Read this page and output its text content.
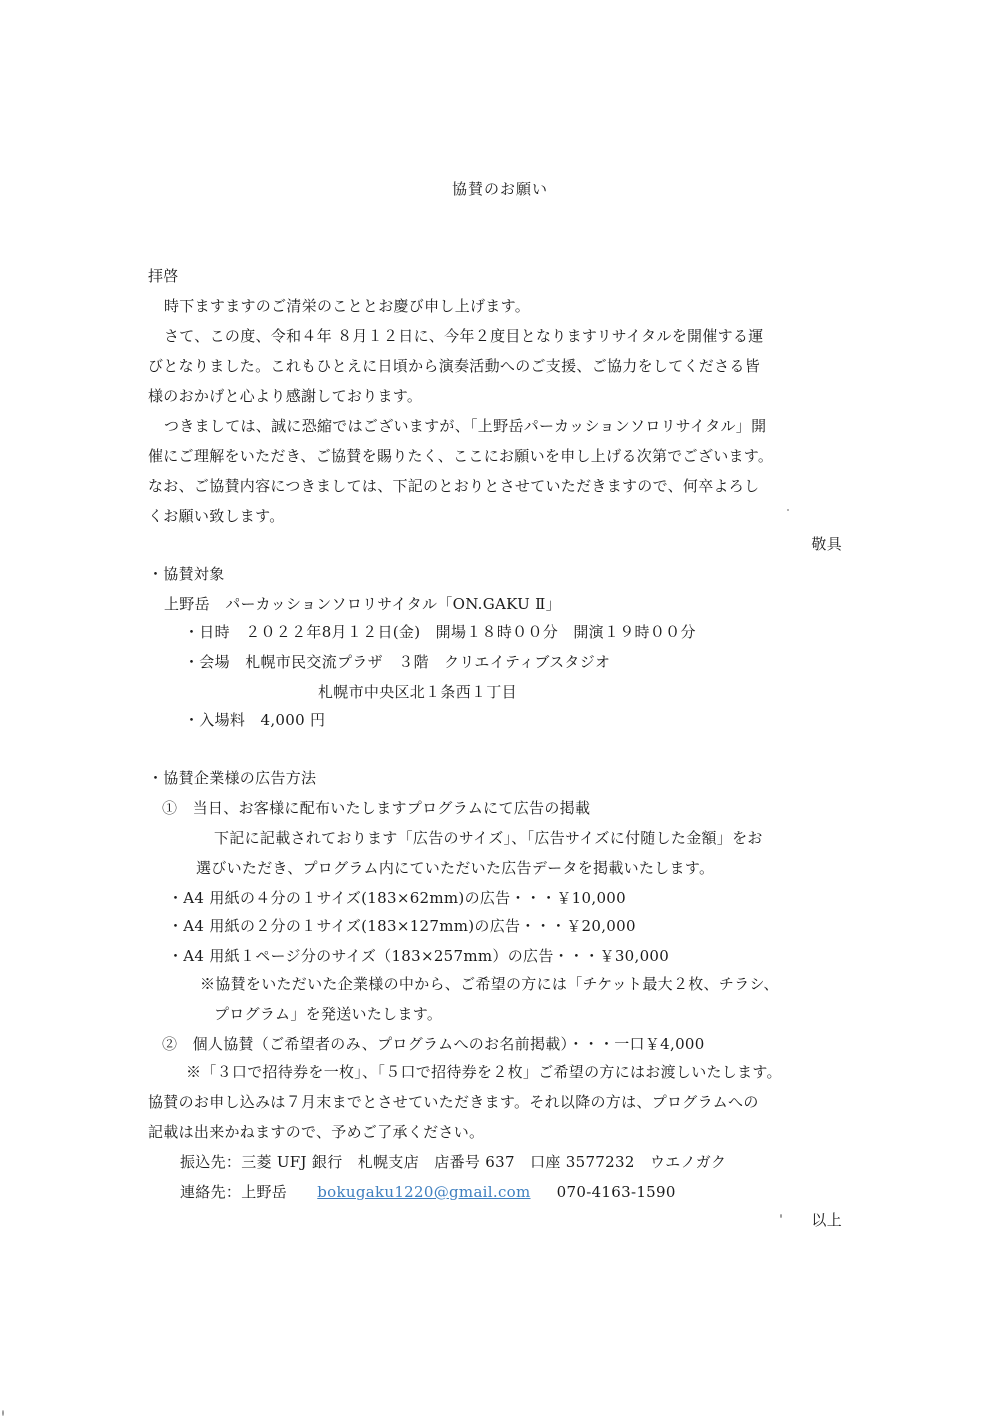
協賛のお願い
拝啓
時下ますますのご清栄のこととお慶び申し上げます。
さて、この度、令和４年 ８月１２日に、今年２度目となりますリサイタルを開催する運
びとなりました。これもひとえに日頃から演奏活動へのご支援、ご協力をしてくださる皆
様のおかげと心より感謝しております。
つきましては、誠に恐縮ではございますが、「上野岳パーカッションソロリサイタル」開
催にご理解をいただき、ご協賛を賜りたく、ここにお願いを申し上げる次第でございます。
なお、ご協賛内容につきましては、下記のとおりとさせていただきますので、何卒よろし
くお願い致します。
敬具
・協賛対象
上野岳　パーカッションソロリサイタル「ON.GAKU Ⅱ」
・日時　２０２２年8月１２日(金)　開場１８時００分　開演１９時００分
・会場　札幌市民交流プラザ　３階　クリエイティブスタジオ
札幌市中央区北１条西１丁目
・入場料　4,000 円
・協賛企業様の広告方法
①　当日、お客様に配布いたしますプログラムにて広告の掲載
下記に記載されております「広告のサイズ」、「広告サイズに付随した金額」をお
選びいただき、プログラム内にていただいた広告データを掲載いたします。
・A4 用紙の４分の１サイズ(183×62mm)の広告・・・￥10,000
・A4 用紙の２分の１サイズ(183×127mm)の広告・・・￥20,000
・A4 用紙１ページ分のサイズ（183×257mm）の広告・・・￥30,000
※協賛をいただいた企業様の中から、ご希望の方には「チケット最大２枚、チラシ、
プログラム」を発送いたします。
②　個人協賛（ご希望者のみ、プログラムへのお名前掲載）・・・一口￥4,000
※「３口で招待券を一枚」、「５口で招待券を２枚」ご希望の方にはお渡しいたします。
協賛のお申し込みは７月末までとさせていただきます。それ以降の方は、プログラムへの
記載は出来かねますので、予めご了承ください。
振込先：三菱 UFJ 銀行　札幌支店　店番号 637　口座 3577232　ウエノガク
連絡先：上野岳 bokugaku1220@gmail.com 070-4163-1590
以上
